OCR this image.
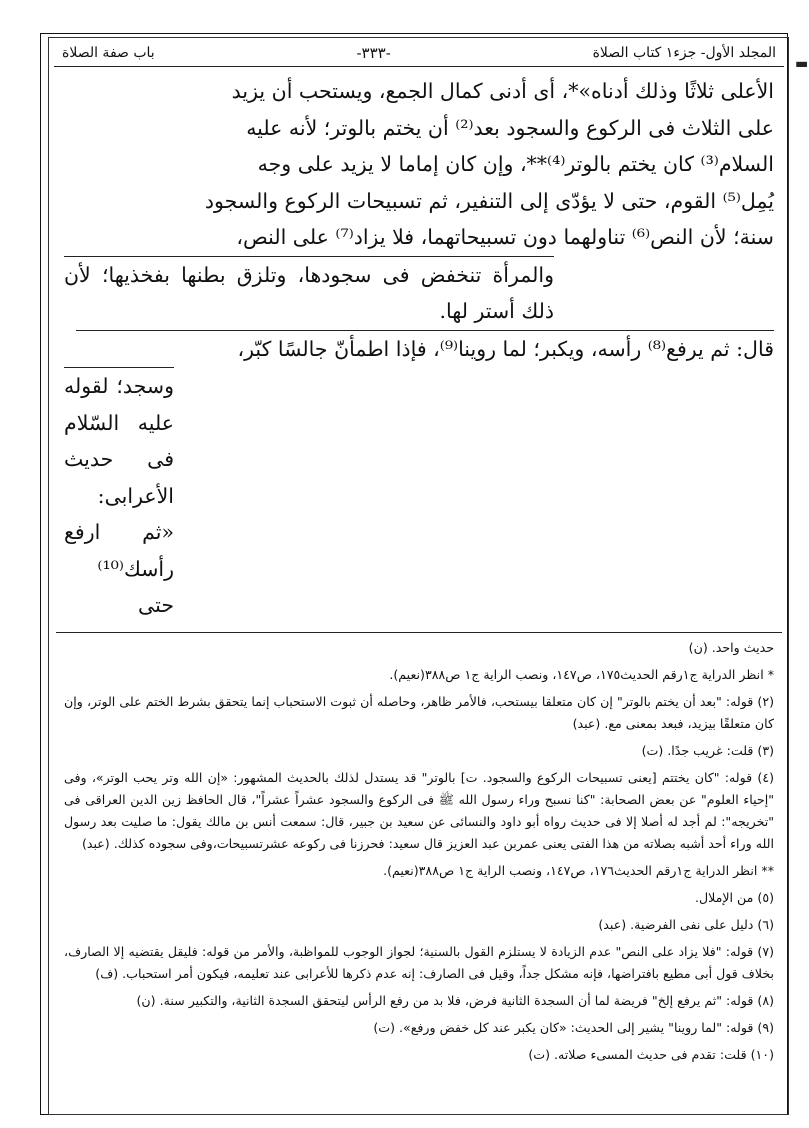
▬
المجلد الأول- جزء١ كتاب الصلاة
-٣٣٣-
باب صفة الصلاة

الأعلى ثلاثًا وذلك أدناه»*، أى أدنى كمال الجمع، ويستحب أن يزيد

على الثلاث فى الركوع والسجود بعد⁽²⁾ أن يختم بالوتر؛ لأنه عليه

السلام⁽³⁾ كان يختم بالوتر⁽⁴⁾**، وإن كان إماما لا يزيد على وجه

يُمِل⁽⁵⁾ القوم، حتى لا يؤدّى إلى التنفير، ثم تسبيحات الركوع والسجود

سنة؛ لأن النص⁽⁶⁾ تناولهما دون تسبيحاتهما، فلا يزاد⁽⁷⁾ على النص،

والمرأة تنخفض فى سجودها، وتلزق بطنها بفخذيها؛ لأن ذلك أستر لها.

قال: ثم يرفع⁽⁸⁾ رأسه، ويكبر؛ لما روينا⁽⁹⁾، فإذا اطمأنّ جالسًا كبّر،

وسجد؛ لقوله عليه السّلام فى حديث الأعرابى: «ثم ارفع رأسك⁽¹⁰⁾ حتى

حديث واحد. (ن)

* انظر الدراية ج١رقم الحديث١٧٥، ص١٤٧، ونصب الراية ج١ ص٣٨٨(نعيم).

(٢) قوله: "بعد أن يختم بالوتر" إن كان متعلقا بيستحب، فالأمر ظاهر، وحاصله أن ثبوت الاستحباب إنما يتحقق بشرط الختم على الوتر، وإن كان متعلقًا بيزيد، فبعد بمعنى مع. (عبد)

(٣) قلت: غريب جدًا. (ت)

(٤) قوله: "كان يختتم [يعنى تسبيحات الركوع والسجود. ت] بالوتر" قد يستدل لذلك بالحديث المشهور: «إن الله وتر يحب الوتر»، وفى "إحياء العلوم" عن بعض الصحابة: "كنا نسبح وراء رسول الله ﷺ فى الركوع والسجود عشراً عشراً"، قال الحافظ زين الدين العراقى فى "تخريجه": لم أجد له أصلا إلا فى حديث رواه أبو داود والنسائى عن سعيد بن جبير، قال: سمعت أنس بن مالك يقول: ما صليت بعد رسول الله وراء أحد أشبه بصلاته من هذا الفتى يعنى عمربن عبد العزيز قال سعيد: فحرزنا فى ركوعه عشرتسبيحات،وفى سجوده كذلك. (عبد)

** انظر الدراية ج١رقم الحديث١٧٦، ص١٤٧، ونصب الراية ج١ ص٣٨٨(نعيم).

(٥) من الإملال.

(٦) دليل على نفى الفرضية. (عبد)

(٧) قوله: "فلا يزاد على النص" عدم الزيادة لا يستلزم القول بالسنية؛ لجواز الوجوب للمواظبة، والأمر من قوله: فليقل يقتضيه إلا الصارف، بخلاف قول أبى مطيع بافتراضها، فإنه مشكل جداً، وقيل فى الصارف: إنه عدم ذكرها للأعرابى عند تعليمه، فيكون أمر استحباب. (ف)

(٨) قوله: "ثم يرفع إلخ" فريضة لما أن السجدة الثانية فرض، فلا بد من رفع الرأس ليتحقق السجدة الثانية، والتكبير سنة. (ن)

(٩) قوله: "لما روينا" يشير إلى الحديث: «كان يكبر عند كل خفض ورفع». (ت)

(١٠) قلت: تقدم فى حديث المسىء صلاته. (ت)
